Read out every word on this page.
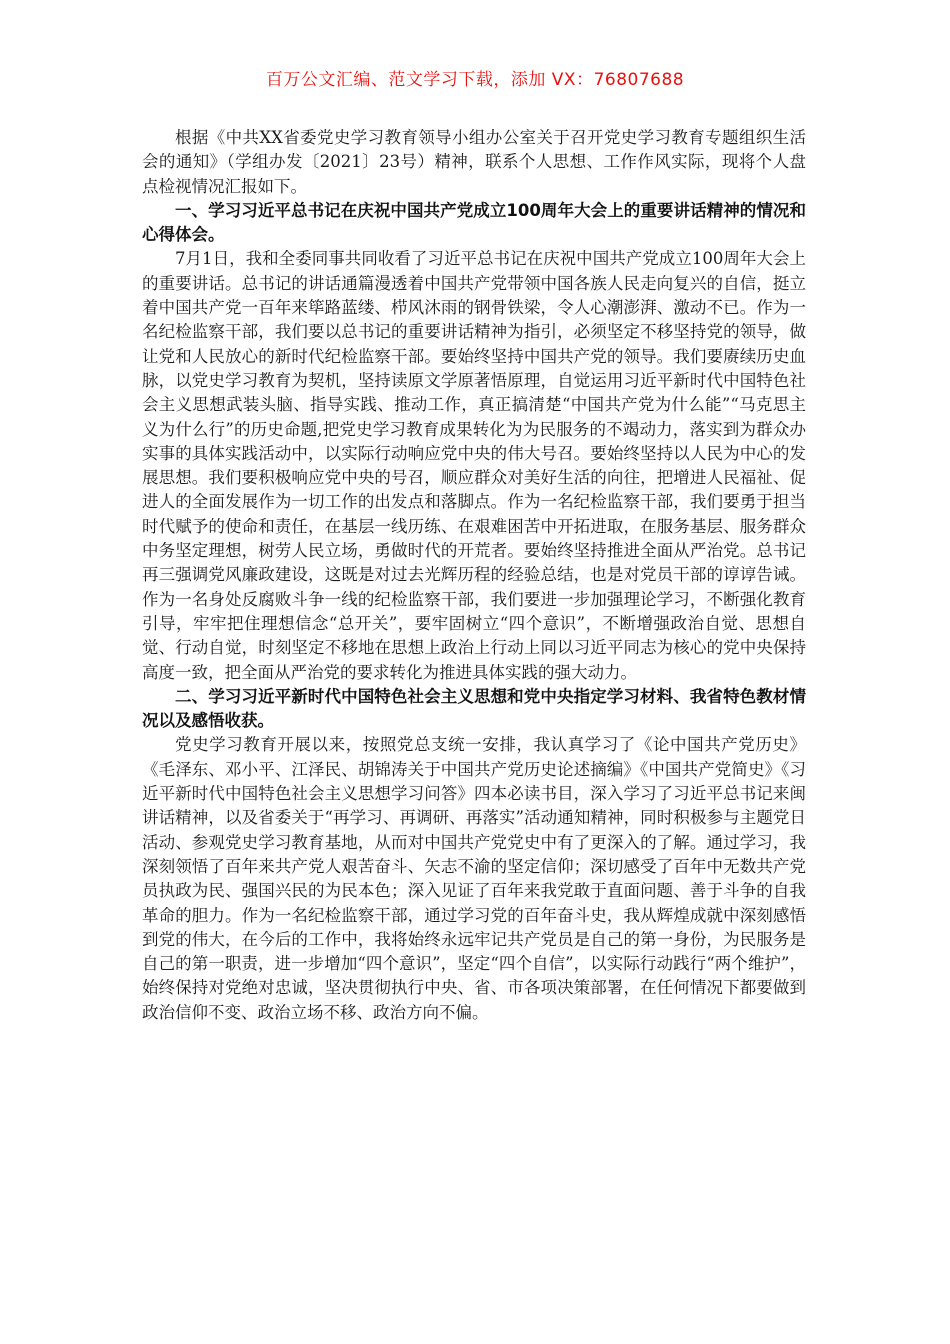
百万公文汇编、范文学习下载，添加 VX：76807688

根据《中共XX省委党史学习教育领导小组办公室关于召开党史学习教育专题组织生活会的通知》（学组办发〔2021〕23号）精神，联系个人思想、工作作风实际，现将个人盘点检视情况汇报如下。

一、学习习近平总书记在庆祝中国共产党成立100周年大会上的重要讲话精神的情况和心得体会。

7月1日，我和全委同事共同收看了习近平总书记在庆祝中国共产党成立100周年大会上的重要讲话。总书记的讲话通篇漫透着中国共产党带领中国各族人民走向复兴的自信，挺立着中国共产党一百年来筚路蓝缕、栉风沐雨的钢骨铁梁，令人心潮澎湃、激动不已。作为一名纪检监察干部，我们要以总书记的重要讲话精神为指引，必须坚定不移坚持党的领导，做让党和人民放心的新时代纪检监察干部。要始终坚持中国共产党的领导。我们要赓续历史血脉，以党史学习教育为契机，坚持读原文学原著悟原理，自觉运用习近平新时代中国特色社会主义思想武装头脑、指导实践、推动工作，真正搞清楚“中国共产党为什么能”“马克思主义为什么行”的历史命题,把党史学习教育成果转化为为民服务的不竭动力，落实到为群众办实事的具体实践活动中，以实际行动响应党中央的伟大号召。要始终坚持以人民为中心的发展思想。我们要积极响应党中央的号召，顺应群众对美好生活的向往，把增进人民福祉、促进人的全面发展作为一切工作的出发点和落脚点。作为一名纪检监察干部，我们要勇于担当时代赋予的使命和责任，在基层一线历练、在艰难困苦中开拓进取，在服务基层、服务群众中务坚定理想，树劳人民立场，勇做时代的开荒者。要始终坚持推进全面从严治党。总书记再三强调党风廉政建设，这既是对过去光辉历程的经验总结，也是对党员干部的谆谆告诫。作为一名身处反腐败斗争一线的纪检监察干部，我们要进一步加强理论学习，不断强化教育引导，牢牢把住理想信念“总开关”，要牢固树立“四个意识”，不断增强政治自觉、思想自觉、行动自觉，时刻坚定不移地在思想上政治上行动上同以习近平同志为核心的党中央保持高度一致，把全面从严治党的要求转化为推进具体实践的强大动力。

二、学习习近平新时代中国特色社会主义思想和党中央指定学习材料、我省特色教材情况以及感悟收获。

党史学习教育开展以来，按照党总支统一安排，我认真学习了《论中国共产党历史》《毛泽东、邓小平、江泽民、胡锦涛关于中国共产党历史论述摘编》《中国共产党简史》《习近平新时代中国特色社会主义思想学习问答》四本必读书目，深入学习了习近平总书记来闽讲话精神，以及省委关于“再学习、再调研、再落实”活动通知精神，同时积极参与主题党日活动、参观党史学习教育基地，从而对中国共产党党史中有了更深入的了解。通过学习，我深刻领悟了百年来共产党人艰苦奋斗、矢志不渝的坚定信仰；深切感受了百年中无数共产党员执政为民、强国兴民的为民本色；深入见证了百年来我党敢于直面问题、善于斗争的自我革命的胆力。作为一名纪检监察干部，通过学习党的百年奋斗史，我从辉煌成就中深刻感悟到党的伟大，在今后的工作中，我将始终永远牢记共产党员是自己的第一身份，为民服务是自己的第一职责，进一步增加“四个意识”，坚定“四个自信”，以实际行动践行“两个维护”，始终保持对党绝对忠诚，坚决贯彻执行中央、省、市各项决策部署，在任何情况下都要做到政治信仰不变、政治立场不移、政治方向不偏。
